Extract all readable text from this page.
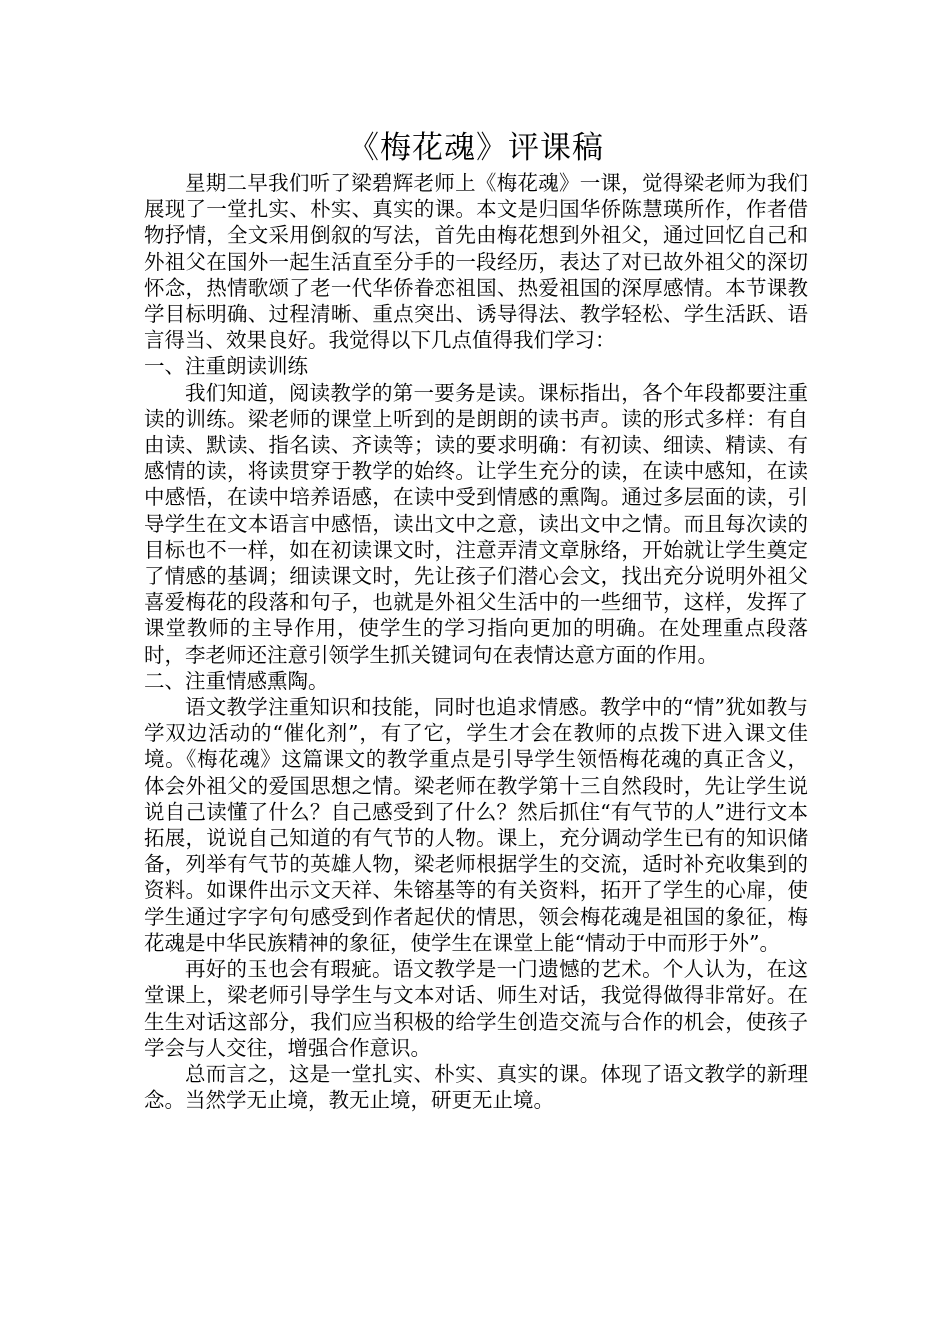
《梅花魂》评课稿

星期二早我们听了梁碧辉老师上《梅花魂》一课，觉得梁老师为我们展现了一堂扎实、朴实、真实的课。本文是归国华侨陈慧瑛所作，作者借物抒情，全文采用倒叙的写法，首先由梅花想到外祖父，通过回忆自己和外祖父在国外一起生活直至分手的一段经历，表达了对已故外祖父的深切怀念，热情歌颂了老一代华侨眷恋祖国、热爱祖国的深厚感情。本节课教学目标明确、过程清晰、重点突出、诱导得法、教学轻松、学生活跃、语言得当、效果良好。我觉得以下几点值得我们学习：

一、注重朗读训练

我们知道，阅读教学的第一要务是读。课标指出，各个年段都要注重读的训练。梁老师的课堂上听到的是朗朗的读书声。读的形式多样：有自由读、默读、指名读、齐读等；读的要求明确：有初读、细读、精读、有感情的读，将读贯穿于教学的始终。让学生充分的读，在读中感知，在读中感悟，在读中培养语感，在读中受到情感的熏陶。通过多层面的读，引导学生在文本语言中感悟，读出文中之意，读出文中之情。而且每次读的目标也不一样，如在初读课文时，注意弄清文章脉络，开始就让学生奠定了情感的基调；细读课文时，先让孩子们潜心会文，找出充分说明外祖父喜爱梅花的段落和句子，也就是外祖父生活中的一些细节，这样，发挥了课堂教师的主导作用，使学生的学习指向更加的明确。在处理重点段落时，李老师还注意引领学生抓关键词句在表情达意方面的作用。

二、注重情感熏陶。

语文教学注重知识和技能，同时也追求情感。教学中的“情”犹如教与学双边活动的“催化剂”，有了它，学生才会在教师的点拨下进入课文佳境。《梅花魂》这篇课文的教学重点是引导学生领悟梅花魂的真正含义，体会外祖父的爱国思想之情。梁老师在教学第十三自然段时，先让学生说说自己读懂了什么？自己感受到了什么？然后抓住“有气节的人”进行文本拓展，说说自己知道的有气节的人物。课上，充分调动学生已有的知识储备，列举有气节的英雄人物，梁老师根据学生的交流，适时补充收集到的资料。如课件出示文天祥、朱镕基等的有关资料，拓开了学生的心扉，使学生通过字字句句感受到作者起伏的情思，领会梅花魂是祖国的象征，梅花魂是中华民族精神的象征，使学生在课堂上能“情动于中而形于外”。

再好的玉也会有瑕疵。语文教学是一门遗憾的艺术。个人认为，在这堂课上，梁老师引导学生与文本对话、师生对话，我觉得做得非常好。在生生对话这部分，我们应当积极的给学生创造交流与合作的机会，使孩子学会与人交往，增强合作意识。

总而言之，这是一堂扎实、朴实、真实的课。体现了语文教学的新理念。当然学无止境，教无止境，研更无止境。
